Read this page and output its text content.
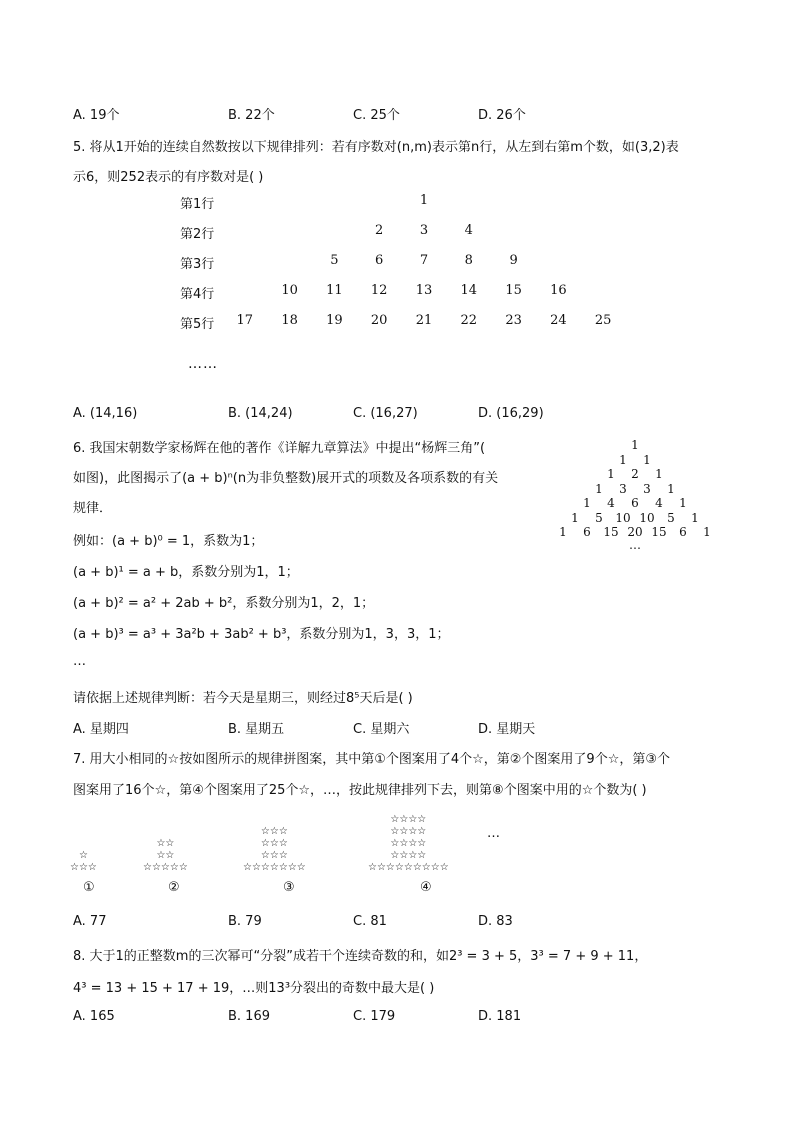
A. 19个	B. 22个	C. 25个	D. 26个
5. 将从1开始的连续自然数按以下规律排列：若有序数对(n,m)表示第n行，从左到右第m个数，如(3,2)表
示6，则252表示的有序数对是( )
第1行	1
第2行	2	3	4
第3行	5	6	7	8	9
第4行	10	11	12	13	14	15	16
第5行	17	18	19	20	21	22	23	24	25
……
A. (14,16)	B. (14,24)	C. (16,27)	D. (16,29)
6. 我国宋朝数学家杨辉在他的著作《详解九章算法》中提出“杨辉三角”(
如图)，此图揭示了(a + b)ⁿ(n为非负整数)展开式的项数及各项系数的有关
规律．
例如：(a + b)⁰ = 1，系数为1；
(a + b)¹ = a + b，系数分别为1，1；
(a + b)² = a² + 2ab + b²，系数分别为1，2，1；
(a + b)³ = a³ + 3a²b + 3ab² + b³，系数分别为1，3，3，1；
…
请依据上述规律判断：若今天是星期三，则经过8⁵天后是( )
1
1	1
1	2	1
1	3	3	1
1	4	6	4	1
1	5	10 10	5	1
1	6	15 20 15	6	1
…
A. 星期四	B. 星期五	C. 星期六	D. 星期天
7. 用大小相同的☆按如图所示的规律拼图案，其中第①个图案用了4个☆，第②个图案用了9个☆，第③个
图案用了16个☆，第④个图案用了25个☆，…，按此规律排列下去，则第⑧个图案中用的☆个数为( )
☆
☆☆☆
☆☆
☆☆
☆☆☆☆☆
☆☆☆
☆☆☆
☆☆☆
☆☆☆☆☆☆☆
☆☆☆☆
☆☆☆☆
☆☆☆☆
☆☆☆☆
☆☆☆☆☆☆☆☆☆
①	②	③	④
…
A. 77	B. 79	C. 81	D. 83
8. 大于1的正整数m的三次幂可“分裂”成若干个连续奇数的和，如2³ = 3 + 5，3³ = 7 + 9 + 11，
4³ = 13 + 15 + 17 + 19，…则13³分裂出的奇数中最大是( )
A. 165	B. 169	C. 179	D. 181
